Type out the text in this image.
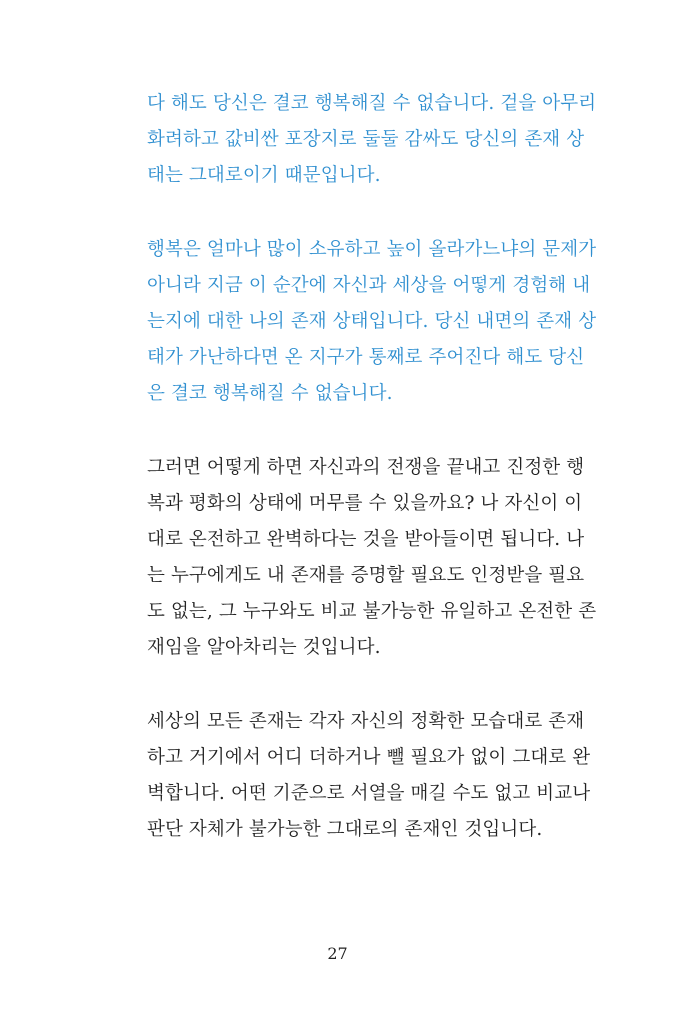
다 해도 당신은 결코 행복해질 수 없습니다. 겉을 아무리
화려하고 값비싼 포장지로 둘둘 감싸도 당신의 존재 상
태는 그대로이기 때문입니다.
행복은 얼마나 많이 소유하고 높이 올라가느냐의 문제가
아니라 지금 이 순간에 자신과 세상을 어떻게 경험해 내
는지에 대한 나의 존재 상태입니다. 당신 내면의 존재 상
태가 가난하다면 온 지구가 통째로 주어진다 해도 당신
은 결코 행복해질 수 없습니다.
그러면 어떻게 하면 자신과의 전쟁을 끝내고 진정한 행
복과 평화의 상태에 머무를 수 있을까요? 나 자신이 이
대로 온전하고 완벽하다는 것을 받아들이면 됩니다. 나
는 누구에게도 내 존재를 증명할 필요도 인정받을 필요
도 없는, 그 누구와도 비교 불가능한 유일하고 온전한 존
재임을 알아차리는 것입니다.
세상의 모든 존재는 각자 자신의 정확한 모습대로 존재
하고 거기에서 어디 더하거나 뺄 필요가 없이 그대로 완
벽합니다. 어떤 기준으로 서열을 매길 수도 없고 비교나
판단 자체가 불가능한 그대로의 존재인 것입니다.
27
